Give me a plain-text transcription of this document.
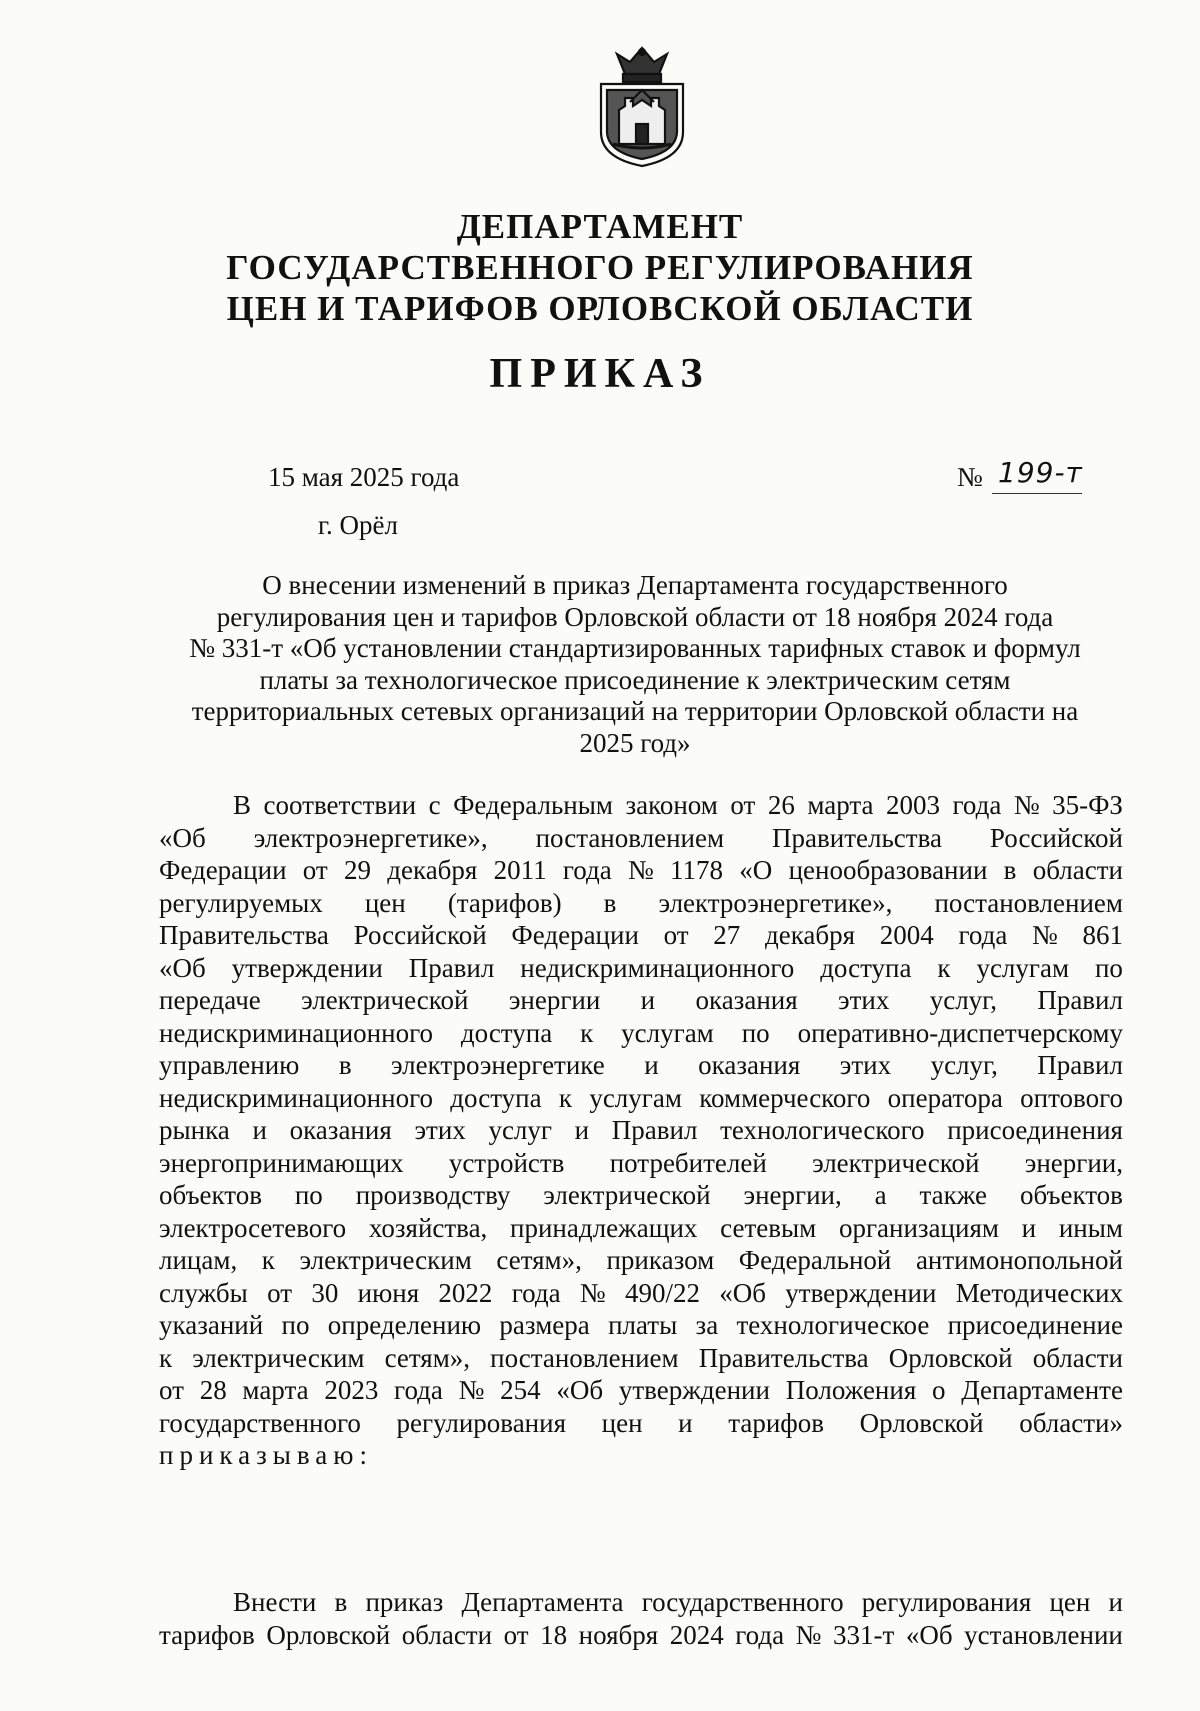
ДЕПАРТАМЕНТ
ГОСУДАРСТВЕННОГО РЕГУЛИРОВАНИЯ
ЦЕН И ТАРИФОВ ОРЛОВСКОЙ ОБЛАСТИ
ПРИКАЗ
15 мая 2025 года	№ 199-т
г. Орёл
О внесении изменений в приказ Департамента государственного
регулирования цен и тарифов Орловской области от 18 ноября 2024 года
№ 331-т «Об установлении стандартизированных тарифных ставок и формул
платы за технологическое присоединение к электрическим сетям
территориальных сетевых организаций на территории Орловской области на
2025 год»
В соответствии с Федеральным законом от 26 марта 2003 года № 35-ФЗ
«Об электроэнергетике», постановлением Правительства Российской
Федерации от 29 декабря 2011 года № 1178 «О ценообразовании в области
регулируемых цен (тарифов) в электроэнергетике», постановлением
Правительства Российской Федерации от 27 декабря 2004 года № 861
«Об утверждении Правил недискриминационного доступа к услугам по
передаче электрической энергии и оказания этих услуг, Правил
недискриминационного доступа к услугам по оперативно-диспетчерскому
управлению в электроэнергетике и оказания этих услуг, Правил
недискриминационного доступа к услугам коммерческого оператора оптового
рынка и оказания этих услуг и Правил технологического присоединения
энергопринимающих устройств потребителей электрической энергии,
объектов по производству электрической энергии, а также объектов
электросетевого хозяйства, принадлежащих сетевым организациям и иным
лицам, к электрическим сетям», приказом Федеральной антимонопольной
службы от 30 июня 2022 года № 490/22 «Об утверждении Методических
указаний по определению размера платы за технологическое присоединение
к электрическим сетям», постановлением Правительства Орловской области
от 28 марта 2023 года № 254 «Об утверждении Положения о Департаменте
государственного регулирования цен и тарифов Орловской области»
приказываю:
Внести в приказ Департамента государственного регулирования цен и
тарифов Орловской области от 18 ноября 2024 года № 331-т «Об установлении
